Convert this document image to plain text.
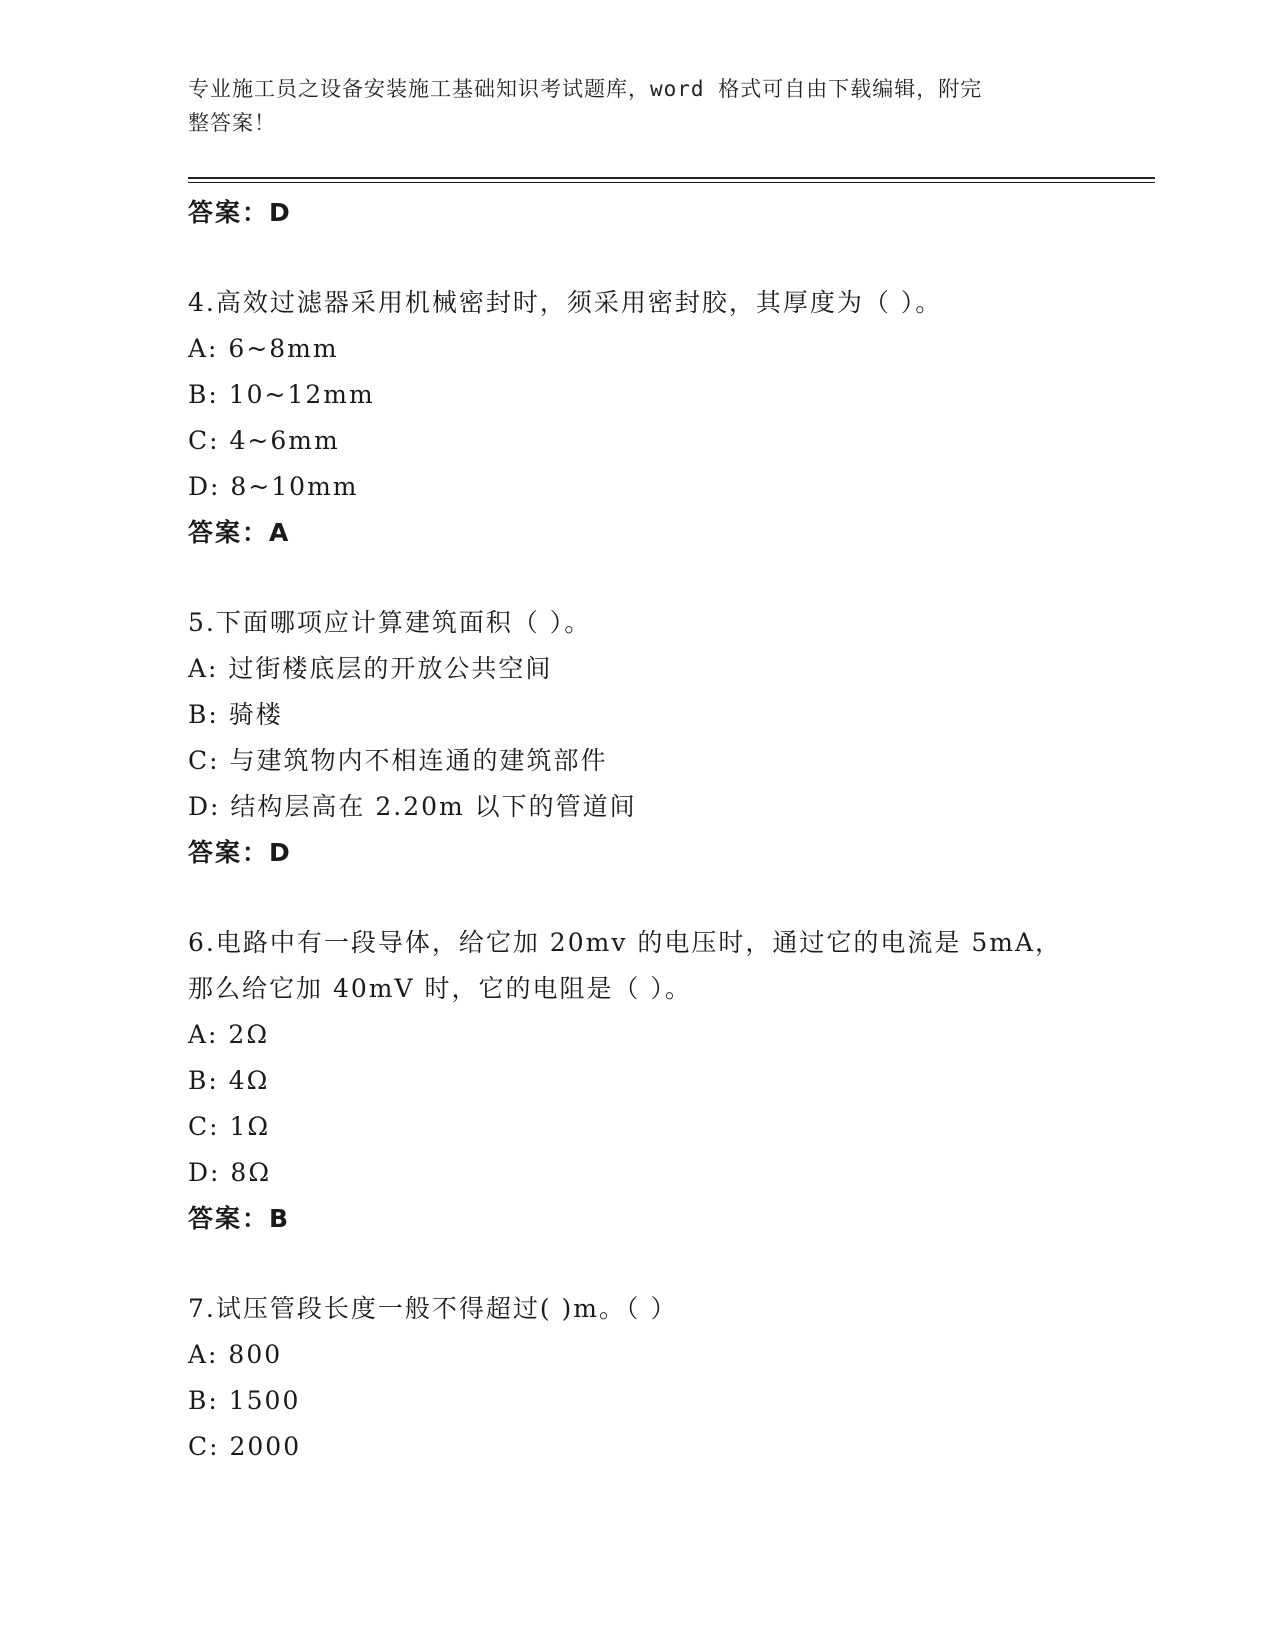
专业施工员之设备安装施工基础知识考试题库，word 格式可自由下载编辑，附完
整答案！
答案：D
4.高效过滤器采用机械密封时，须采用密封胶，其厚度为（ ）。
A: 6~8mm
B: 10~12mm
C: 4~6mm
D: 8~10mm
答案：A
5.下面哪项应计算建筑面积（ ）。
A: 过街楼底层的开放公共空间
B: 骑楼
C: 与建筑物内不相连通的建筑部件
D: 结构层高在 2.20m 以下的管道间
答案：D
6.电路中有一段导体，给它加 20mv 的电压时，通过它的电流是 5mA，
那么给它加 40mV 时，它的电阻是（ ）。
A: 2Ω
B: 4Ω
C: 1Ω
D: 8Ω
答案：B
7.试压管段长度一般不得超过( )m。（ ）
A: 800
B: 1500
C: 2000
